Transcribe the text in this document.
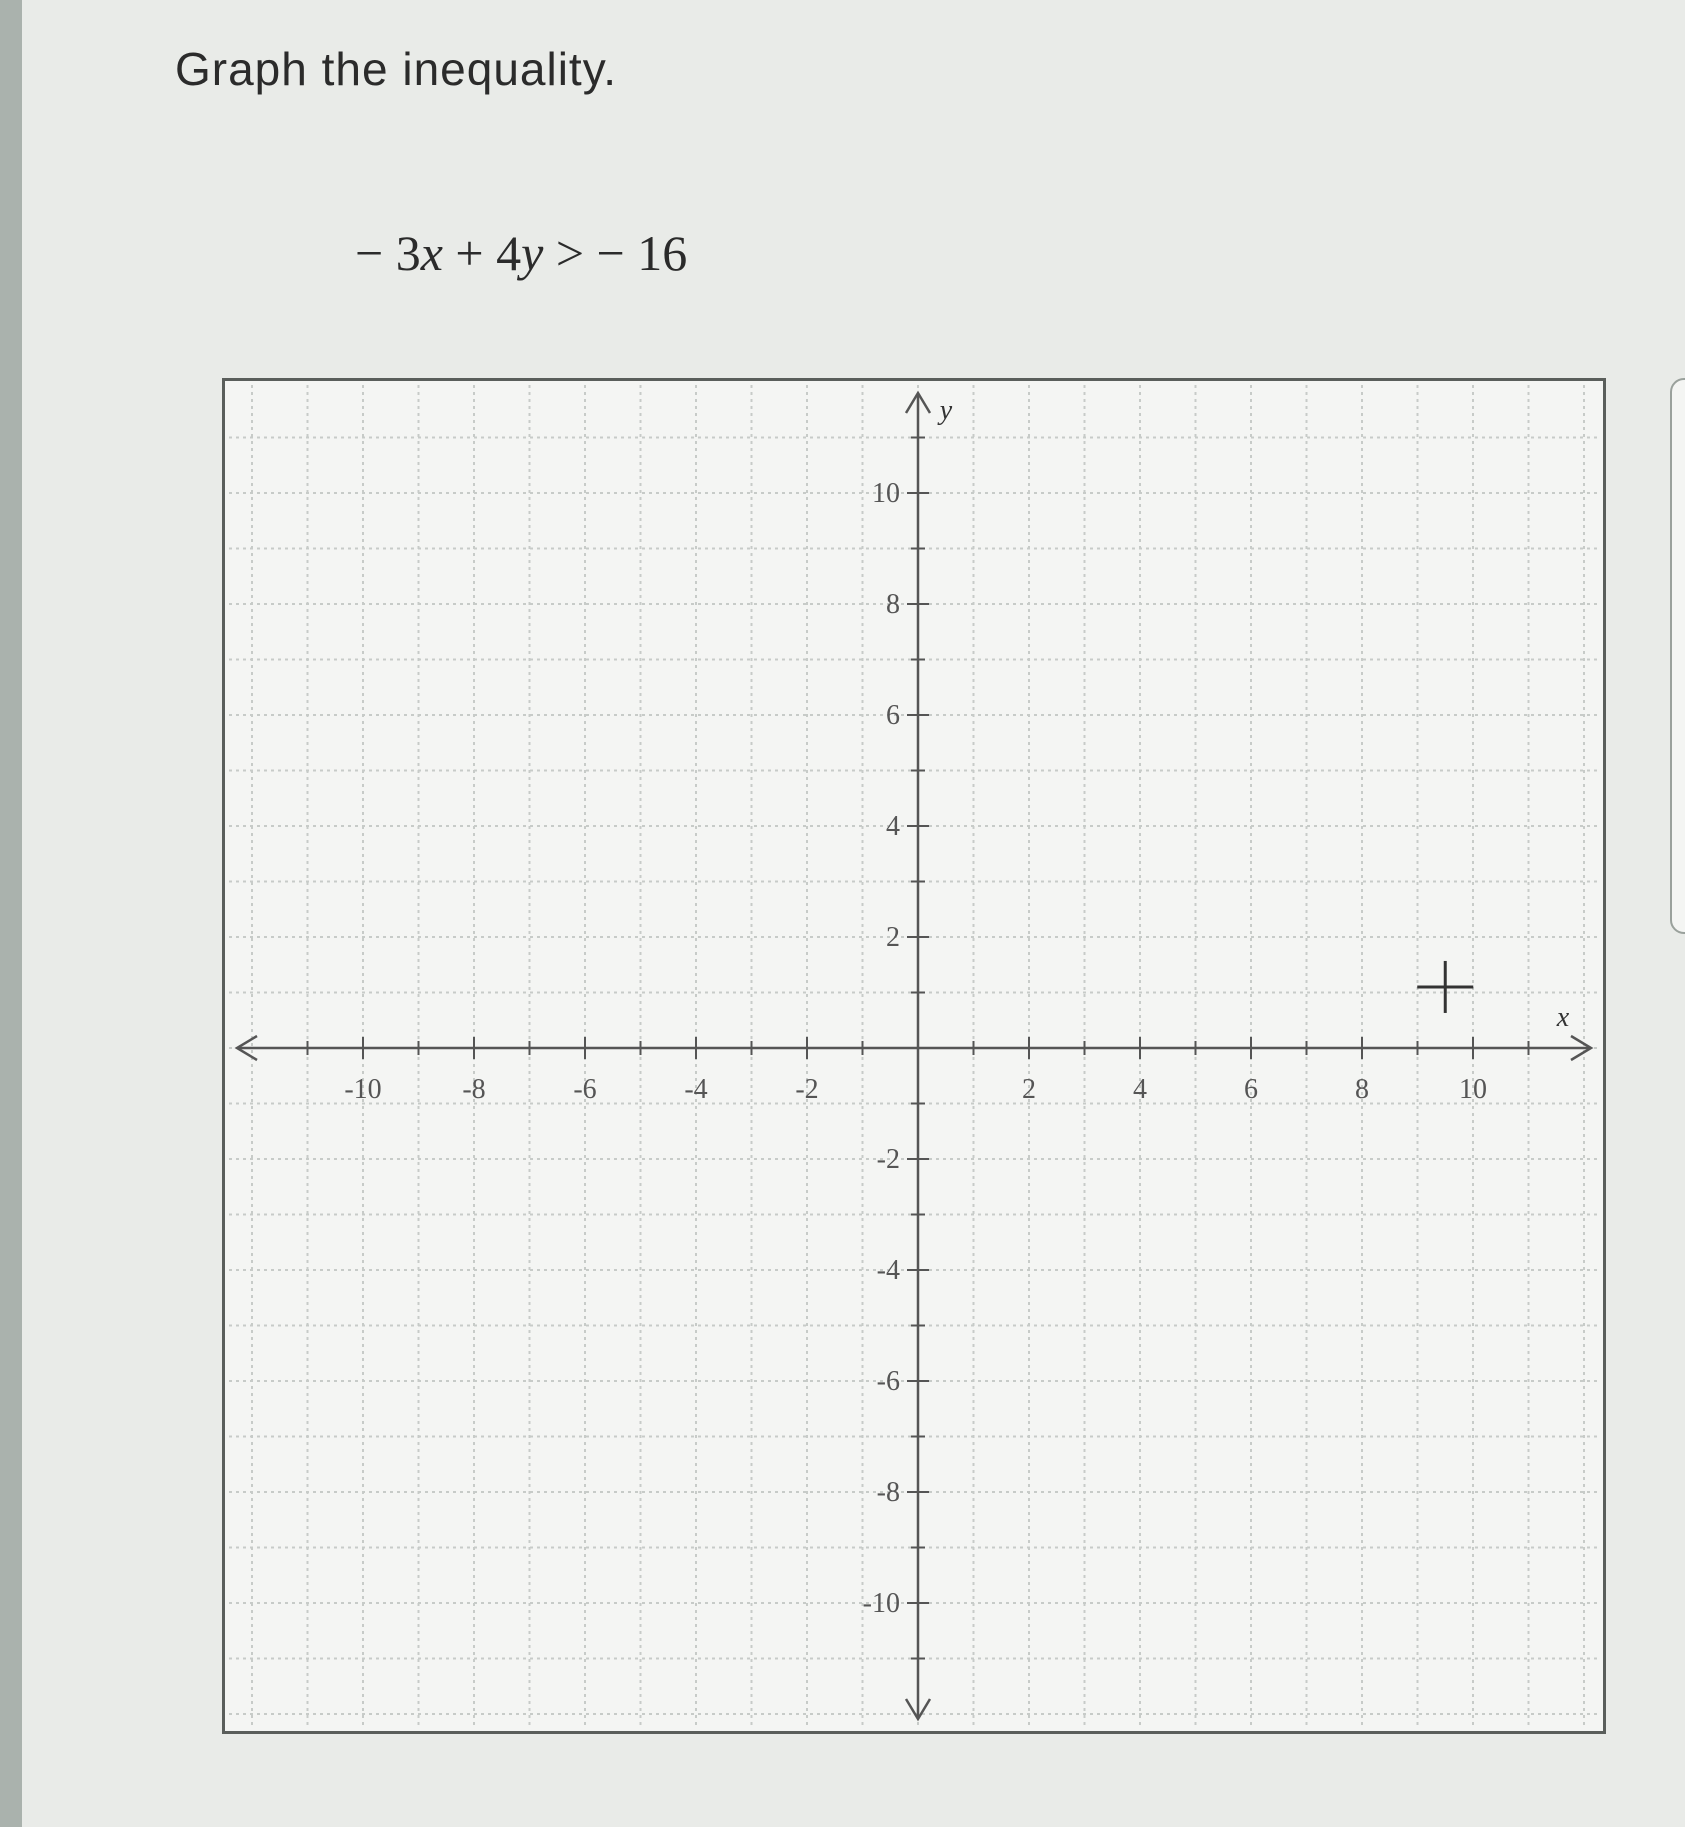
Graph the inequality.

− 3x + 4y > − 16

-10	-8	-6	-4	-2	2	4	6	8	10
10
8
6
4
2
-2
-4
-6
-8
-10
x
y
